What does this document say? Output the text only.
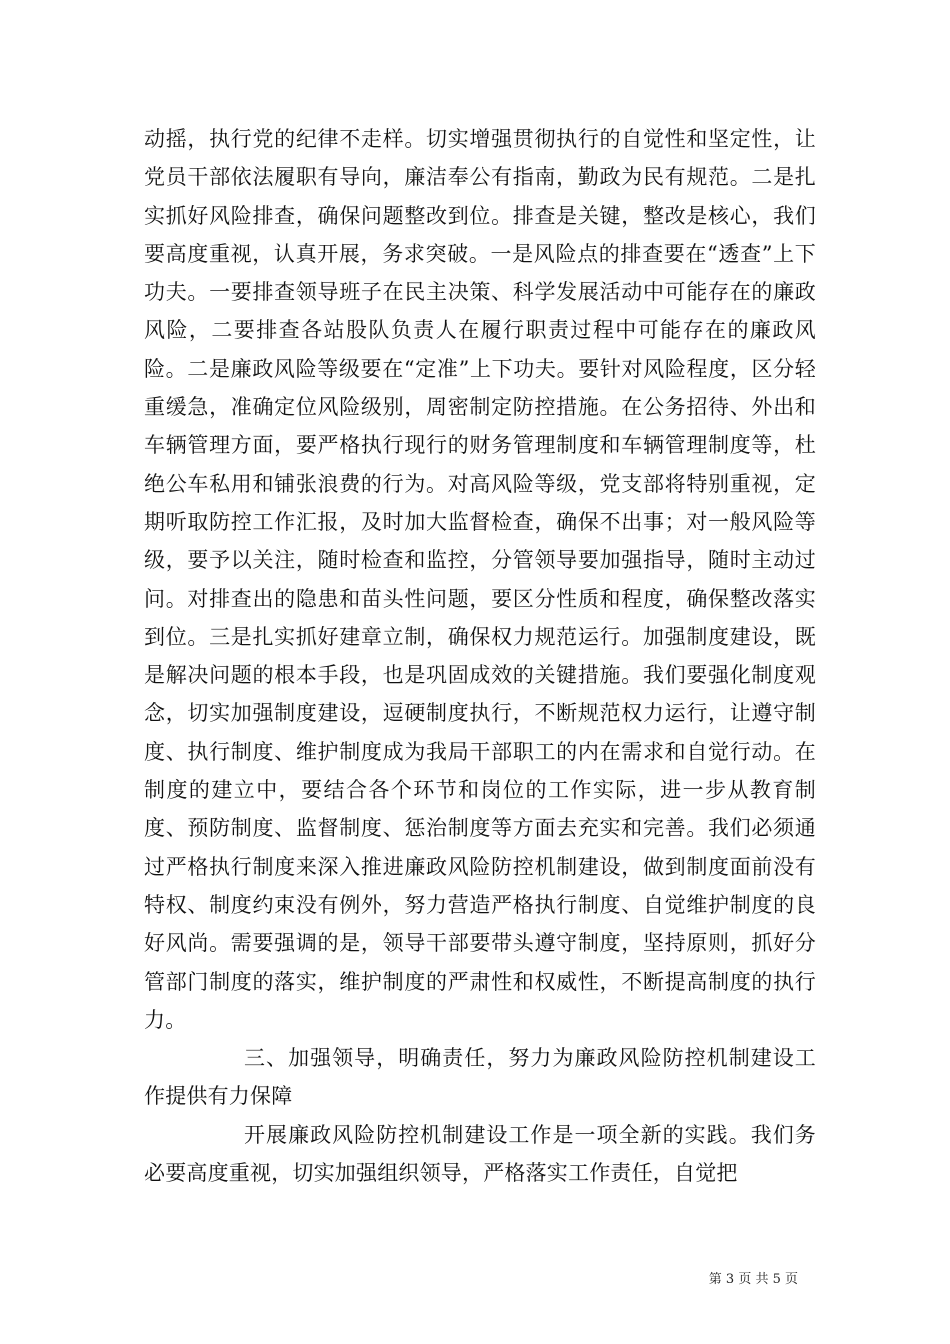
动摇，执行党的纪律不走样。切实增强贯彻执行的自觉性和坚定性，让党员干部依法履职有导向，廉洁奉公有指南，勤政为民有规范。二是扎实抓好风险排查，确保问题整改到位。排查是关键，整改是核心，我们要高度重视，认真开展，务求突破。一是风险点的排查要在“透查”上下功夫。一要排查领导班子在民主决策、科学发展活动中可能存在的廉政风险，二要排查各站股队负责人在履行职责过程中可能存在的廉政风险。二是廉政风险等级要在“定准”上下功夫。要针对风险程度，区分轻重缓急，准确定位风险级别，周密制定防控措施。在公务招待、外出和车辆管理方面，要严格执行现行的财务管理制度和车辆管理制度等，杜绝公车私用和铺张浪费的行为。对高风险等级，党支部将特别重视，定期听取防控工作汇报，及时加大监督检查，确保不出事；对一般风险等级，要予以关注，随时检查和监控，分管领导要加强指导，随时主动过问。对排查出的隐患和苗头性问题，要区分性质和程度，确保整改落实到位。三是扎实抓好建章立制，确保权力规范运行。加强制度建设，既是解决问题的根本手段，也是巩固成效的关键措施。我们要强化制度观念，切实加强制度建设，逗硬制度执行，不断规范权力运行，让遵守制度、执行制度、维护制度成为我局干部职工的内在需求和自觉行动。在制度的建立中，要结合各个环节和岗位的工作实际，进一步从教育制度、预防制度、监督制度、惩治制度等方面去充实和完善。我们必须通过严格执行制度来深入推进廉政风险防控机制建设，做到制度面前没有特权、制度约束没有例外，努力营造严格执行制度、自觉维护制度的良好风尚。需要强调的是，领导干部要带头遵守制度，坚持原则，抓好分管部门制度的落实，维护制度的严肃性和权威性，不断提高制度的执行力。

三、加强领导，明确责任，努力为廉政风险防控机制建设工作提供有力保障

开展廉政风险防控机制建设工作是一项全新的实践。我们务必要高度重视，切实加强组织领导，严格落实工作责任，自觉把

第 3 页 共 5 页
